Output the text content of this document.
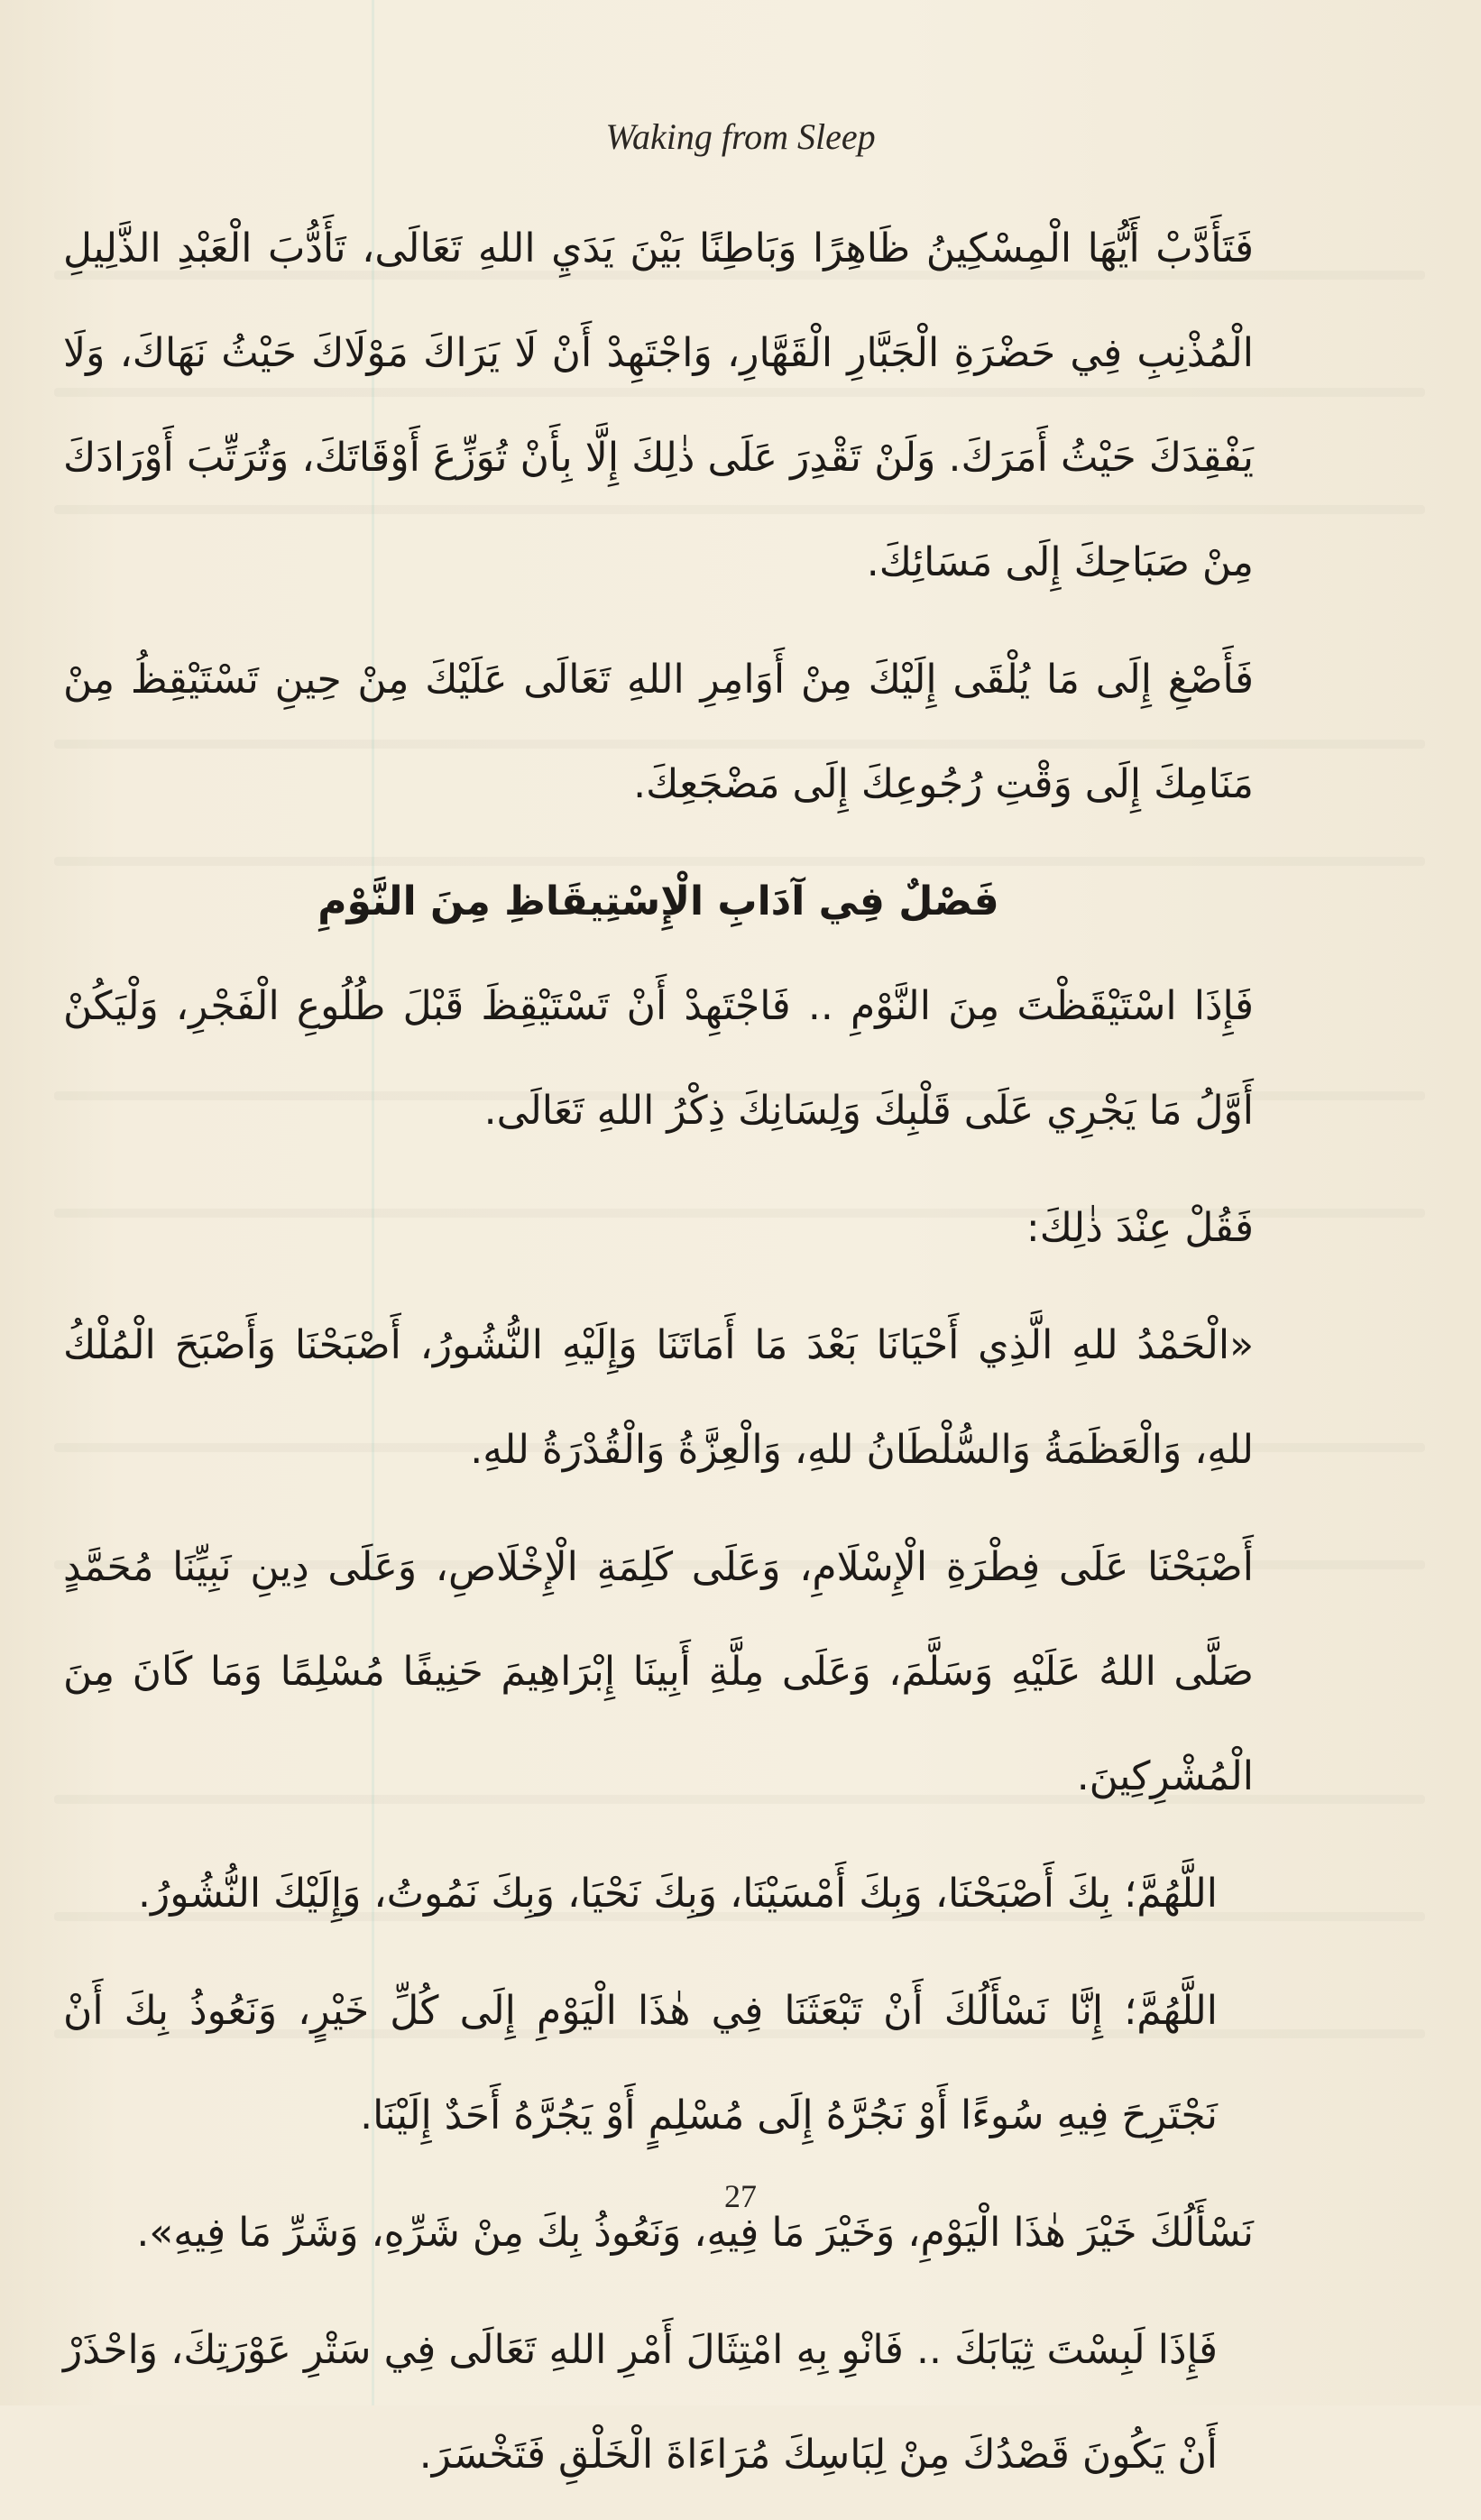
Waking from Sleep

فَتَأَدَّبْ أَيُّهَا الْمِسْكِينُ ظَاهِرًا وَبَاطِنًا بَيْنَ يَدَيِ اللهِ تَعَالَى، تَأَدُّبَ الْعَبْدِ الذَّلِيلِ الْمُذْنِبِ فِي حَضْرَةِ الْجَبَّارِ الْقَهَّارِ، وَاجْتَهِدْ أَنْ لَا يَرَاكَ مَوْلَاكَ حَيْثُ نَهَاكَ، وَلَا يَفْقِدَكَ حَيْثُ أَمَرَكَ. وَلَنْ تَقْدِرَ عَلَى ذٰلِكَ إِلَّا بِأَنْ تُوَزِّعَ أَوْقَاتَكَ، وَتُرَتِّبَ أَوْرَادَكَ مِنْ صَبَاحِكَ إِلَى مَسَائِكَ.

فَأَصْغِ إِلَى مَا يُلْقَى إِلَيْكَ مِنْ أَوَامِرِ اللهِ تَعَالَى عَلَيْكَ مِنْ حِينِ تَسْتَيْقِظُ مِنْ مَنَامِكَ إِلَى وَقْتِ رُجُوعِكَ إِلَى مَضْجَعِكَ.

فَصْلٌ فِي آدَابِ الْإِسْتِيقَاظِ مِنَ النَّوْمِ

فَإِذَا اسْتَيْقَظْتَ مِنَ النَّوْمِ .. فَاجْتَهِدْ أَنْ تَسْتَيْقِظَ قَبْلَ طُلُوعِ الْفَجْرِ، وَلْيَكُنْ أَوَّلُ مَا يَجْرِي عَلَى قَلْبِكَ وَلِسَانِكَ ذِكْرُ اللهِ تَعَالَى.

فَقُلْ عِنْدَ ذٰلِكَ:

«الْحَمْدُ للهِ الَّذِي أَحْيَانَا بَعْدَ مَا أَمَاتَنَا وَإِلَيْهِ النُّشُورُ، أَصْبَحْنَا وَأَصْبَحَ الْمُلْكُ للهِ، وَالْعَظَمَةُ وَالسُّلْطَانُ للهِ، وَالْعِزَّةُ وَالْقُدْرَةُ للهِ.

أَصْبَحْنَا عَلَى فِطْرَةِ الْإِسْلَامِ، وَعَلَى كَلِمَةِ الْإِخْلَاصِ، وَعَلَى دِينِ نَبِيِّنَا مُحَمَّدٍ صَلَّى اللهُ عَلَيْهِ وَسَلَّمَ، وَعَلَى مِلَّةِ أَبِينَا إِبْرَاهِيمَ حَنِيفًا مُسْلِمًا وَمَا كَانَ مِنَ الْمُشْرِكِينَ.

اللَّهُمَّ؛ بِكَ أَصْبَحْنَا، وَبِكَ أَمْسَيْنَا، وَبِكَ نَحْيَا، وَبِكَ نَمُوتُ، وَإِلَيْكَ النُّشُورُ.

اللَّهُمَّ؛ إِنَّا نَسْأَلُكَ أَنْ تَبْعَثَنَا فِي هٰذَا الْيَوْمِ إِلَى كُلِّ خَيْرٍ، وَنَعُوذُ بِكَ أَنْ نَجْتَرِحَ فِيهِ سُوءًا أَوْ نَجُرَّهُ إِلَى مُسْلِمٍ أَوْ يَجُرَّهُ أَحَدٌ إِلَيْنَا.

نَسْأَلُكَ خَيْرَ هٰذَا الْيَوْمِ، وَخَيْرَ مَا فِيهِ، وَنَعُوذُ بِكَ مِنْ شَرِّهِ، وَشَرِّ مَا فِيهِ».

فَإِذَا لَبِسْتَ ثِيَابَكَ .. فَانْوِ بِهِ امْتِثَالَ أَمْرِ اللهِ تَعَالَى فِي سَتْرِ عَوْرَتِكَ، وَاحْذَرْ أَنْ يَكُونَ قَصْدُكَ مِنْ لِبَاسِكَ مُرَاءَاةَ الْخَلْقِ فَتَخْسَرَ.

27
